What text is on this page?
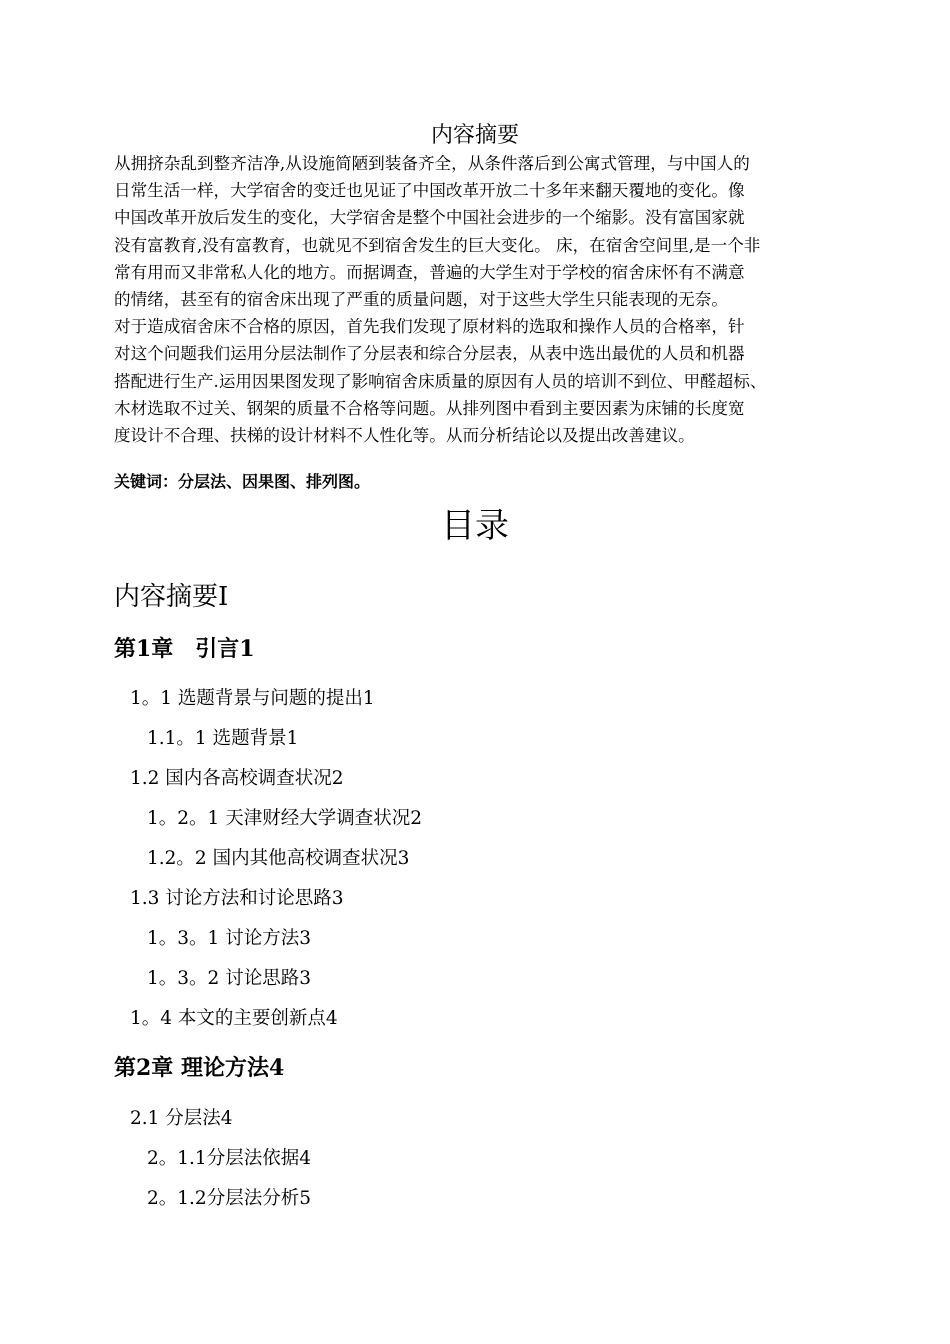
内容摘要
从拥挤杂乱到整齐洁净,从设施简陋到装备齐全，从条件落后到公寓式管理，与中国人的
日常生活一样，大学宿舍的变迁也见证了中国改革开放二十多年来翻天覆地的变化。像
中国改革开放后发生的变化，大学宿舍是整个中国社会进步的一个缩影。没有富国家就
没有富教育,没有富教育，也就见不到宿舍发生的巨大变化。 床，在宿舍空间里,是一个非
常有用而又非常私人化的地方。而据调查，普遍的大学生对于学校的宿舍床怀有不满意
的情绪，甚至有的宿舍床出现了严重的质量问题，对于这些大学生只能表现的无奈。
对于造成宿舍床不合格的原因，首先我们发现了原材料的选取和操作人员的合格率，针
对这个问题我们运用分层法制作了分层表和综合分层表，从表中选出最优的人员和机器
搭配进行生产.运用因果图发现了影响宿舍床质量的原因有人员的培训不到位、甲醛超标、
木材选取不过关、钢架的质量不合格等问题。从排列图中看到主要因素为床铺的长度宽
度设计不合理、扶梯的设计材料不人性化等。从而分析结论以及提出改善建议。
关键词：分层法、因果图、排列图。
目录
内容摘要Ⅰ
第1章　引言1
1。1 选题背景与问题的提出1
1.1。1 选题背景1
1.2 国内各高校调查状况2
1。2。1 天津财经大学调查状况2
1.2。2 国内其他高校调查状况3
1.3 讨论方法和讨论思路3
1。3。1 讨论方法3
1。3。2 讨论思路3
1。4 本文的主要创新点4
第2章 理论方法4
2.1 分层法4
2。1.1分层法依据4
2。1.2分层法分析5
